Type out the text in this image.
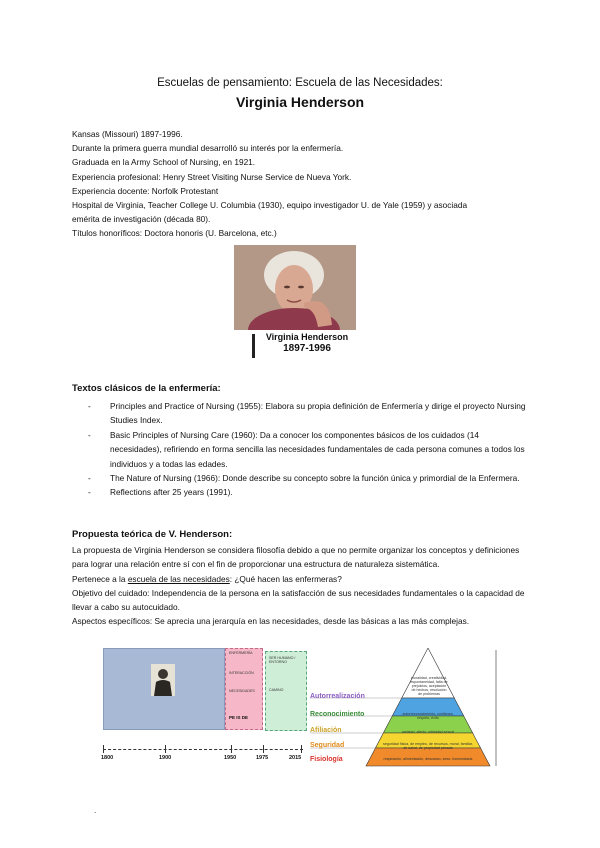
Escuelas de pensamiento: Escuela de las Necesidades:
Virginia Henderson
Kansas (Missouri) 1897-1996.
Durante la primera guerra mundial desarrolló su interés por la enfermería.
Graduada en la Army School of Nursing, en 1921.
Experiencia profesional: Henry Street Visiting Nurse Service de Nueva York.
Experiencia docente: Norfolk Protestant
Hospital de Virginia, Teacher College U. Columbia (1930), equipo investigador U. de Yale (1959) y asociada
emérita de investigación (década 80).
Títulos honoríficos: Doctora honoris (U. Barcelona, etc.)
Virginia Henderson
1897-1996
Textos clásicos de la enfermería:
- Principles and Practice of Nursing (1955): Elabora su propia definición de Enfermería y dirige el proyecto Nursing Studies Index.
- Basic Principles of Nursing Care (1960): Da a conocer los componentes básicos de los cuidados (14 necesidades), refiriendo en forma sencilla las necesidades fundamentales de cada persona comunes a todos los individuos y a todas las edades.
- The Nature of Nursing (1966): Donde describe su concepto sobre la función única y primordial de la Enfermera.
- Reflections after 25 years (1991).
Propuesta teórica de V. Henderson:
La propuesta de Virginia Henderson se considera filosofía debido a que no permite organizar los conceptos y definiciones para lograr una relación entre sí con el fin de proporcionar una estructura de naturaleza sistemática.
Pertenece a la escuela de las necesidades: ¿Qué hacen las enfermeras?
Objetivo del cuidado: Independencia de la persona en la satisfacción de sus necesidades fundamentales o la capacidad de llevar a cabo su autocuidado.
Aspectos específicos: Se aprecia una jerarquía en las necesidades, desde las básicas a las más complejas.
ENFERMERÍA
INTERACCIÓN
NECESIDADES
PE IS DE
SER HUMANO / ENTORNO
CAMINO
1800	1900	1950	1975	2015
Autorrealización
Reconocimiento
Afiliación
Seguridad
Fisiología
moralidad, creatividad, espontaneidad, falta de prejuicios, aceptación de hechos, resolución de problemas
autorreconocimiento, confianza, respeto, éxito
amistad, afecto, intimidad sexual
seguridad física, de empleo, de recursos, moral, familiar, de salud, de propiedad privada
respiración, alimentación, descanso, sexo, homeostasis
.
